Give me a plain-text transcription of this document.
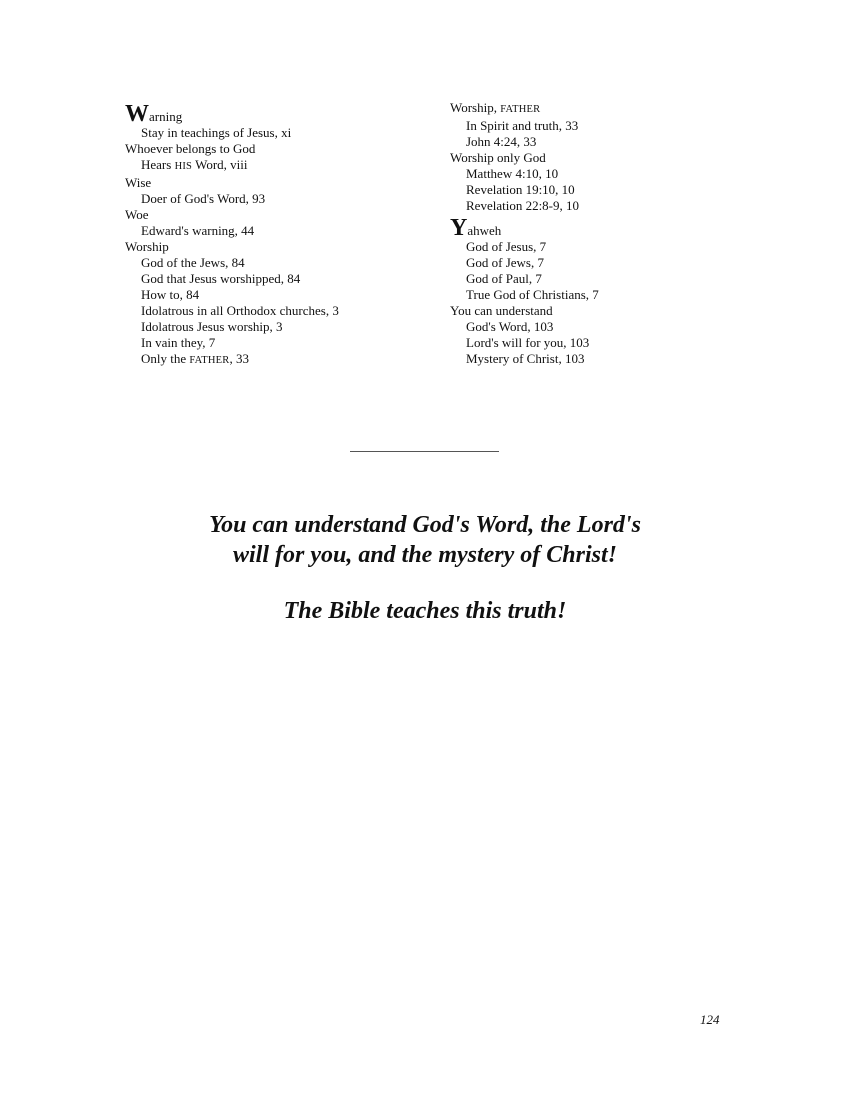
Warning
Stay in teachings of Jesus, xi
Whoever belongs to God
Hears HIS Word, viii
Wise
Doer of God's Word, 93
Woe
Edward's warning, 44
Worship
God of the Jews, 84
God that Jesus worshipped, 84
How to, 84
Idolatrous in all Orthodox churches, 3
Idolatrous Jesus worship, 3
In vain they, 7
Only the FATHER, 33
Worship, FATHER
In Spirit and truth, 33
John 4:24, 33
Worship only God
Matthew 4:10, 10
Revelation 19:10, 10
Revelation 22:8-9, 10
Yahweh
God of Jesus, 7
God of Jews, 7
God of Paul, 7
True God of Christians, 7
You can understand
God's Word, 103
Lord's will for you, 103
Mystery of Christ, 103
You can understand God's Word, the Lord's
will for you, and the mystery of Christ!
The Bible teaches this truth!
124
